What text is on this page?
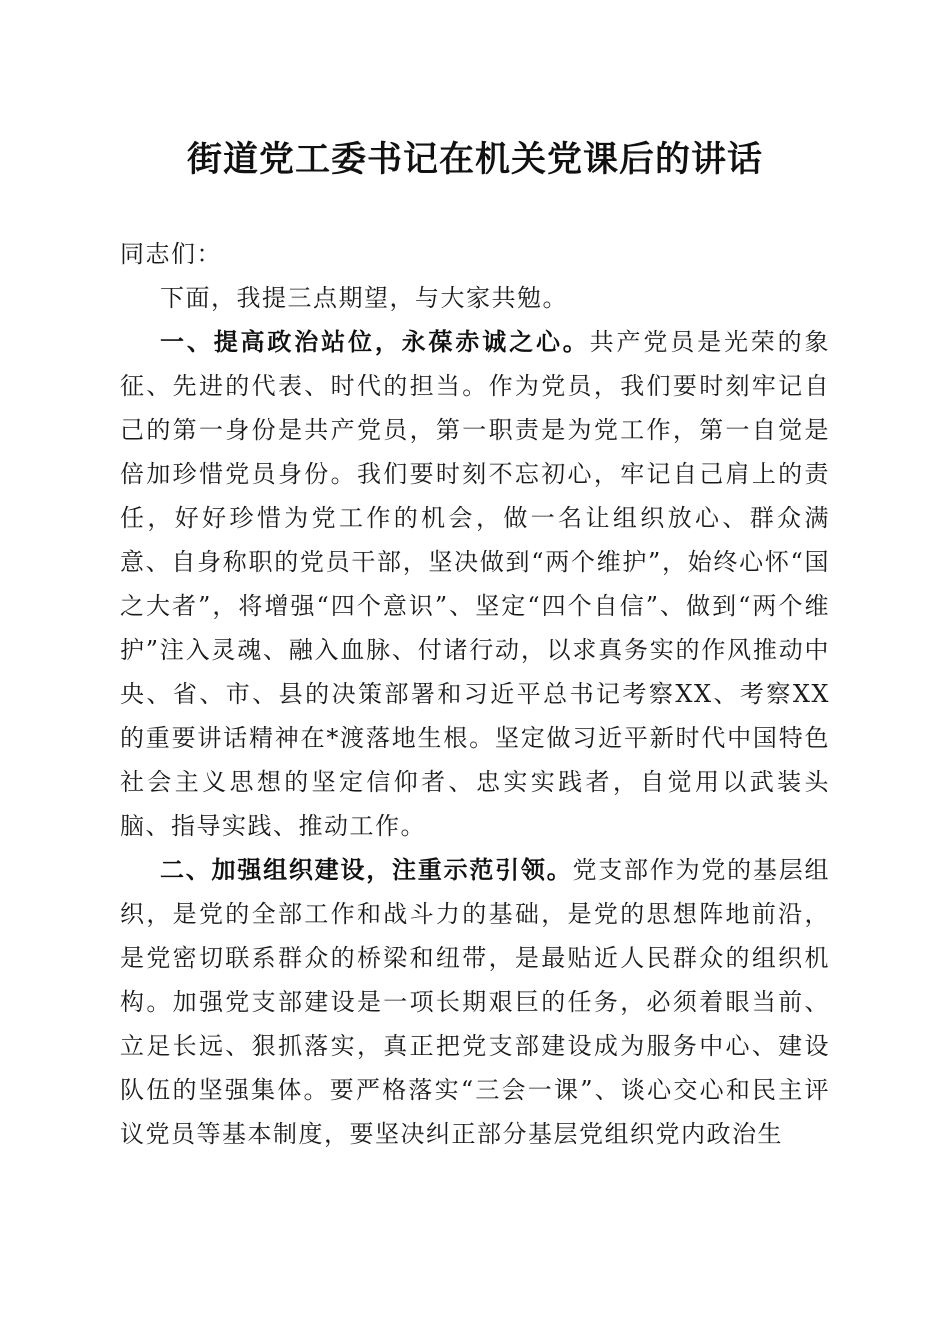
街道党工委书记在机关党课后的讲话

同志们：

下面，我提三点期望，与大家共勉。

一、提高政治站位，永葆赤诚之心。共产党员是光荣的象征、先进的代表、时代的担当。作为党员，我们要时刻牢记自己的第一身份是共产党员，第一职责是为党工作，第一自觉是倍加珍惜党员身份。我们要时刻不忘初心，牢记自己肩上的责任，好好珍惜为党工作的机会，做一名让组织放心、群众满意、自身称职的党员干部，坚决做到“两个维护”，始终心怀“国之大者”，将增强“四个意识”、坚定“四个自信”、做到“两个维护”注入灵魂、融入血脉、付诸行动，以求真务实的作风推动中央、省、市、县的决策部署和习近平总书记考察XX、考察XX的重要讲话精神在*渡落地生根。坚定做习近平新时代中国特色社会主义思想的坚定信仰者、忠实实践者，自觉用以武装头脑、指导实践、推动工作。

二、加强组织建设，注重示范引领。党支部作为党的基层组织，是党的全部工作和战斗力的基础，是党的思想阵地前沿，是党密切联系群众的桥梁和纽带，是最贴近人民群众的组织机构。加强党支部建设是一项长期艰巨的任务，必须着眼当前、立足长远、狠抓落实，真正把党支部建设成为服务中心、建设队伍的坚强集体。要严格落实“三会一课”、谈心交心和民主评议党员等基本制度，要坚决纠正部分基层党组织党内政治生
